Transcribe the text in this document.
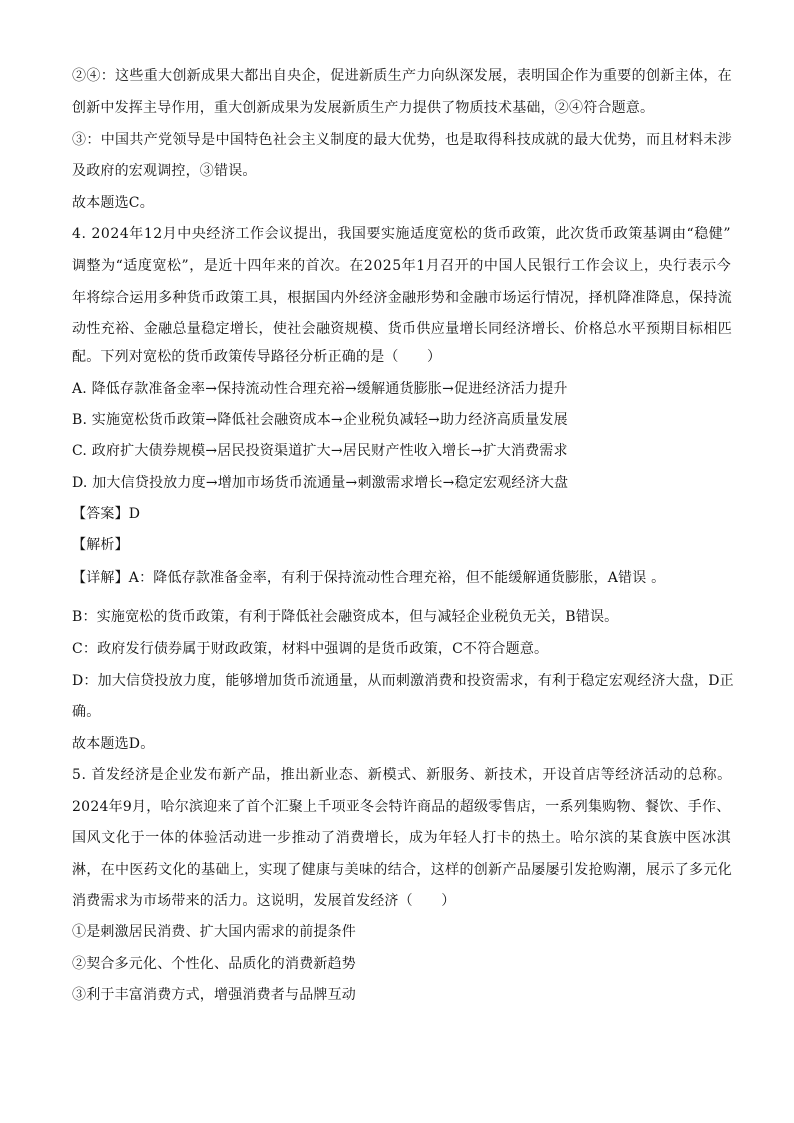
②④：这些重大创新成果大都出自央企，促进新质生产力向纵深发展，表明国企作为重要的创新主体，在
创新中发挥主导作用，重大创新成果为发展新质生产力提供了物质技术基础，②④符合题意。
③：中国共产党领导是中国特色社会主义制度的最大优势，也是取得科技成就的最大优势，而且材料未涉
及政府的宏观调控，③错误。
故本题选C。
4. 2024年12月中央经济工作会议提出，我国要实施适度宽松的货币政策，此次货币政策基调由“稳健”
调整为“适度宽松”，是近十四年来的首次。在2025年1月召开的中国人民银行工作会议上，央行表示今
年将综合运用多种货币政策工具，根据国内外经济金融形势和金融市场运行情况，择机降准降息，保持流
动性充裕、金融总量稳定增长，使社会融资规模、货币供应量增长同经济增长、价格总水平预期目标相匹
配。下列对宽松的货币政策传导路径分析正确的是（　　）
A. 降低存款准备金率→保持流动性合理充裕→缓解通货膨胀→促进经济活力提升
B. 实施宽松货币政策→降低社会融资成本→企业税负减轻→助力经济高质量发展
C. 政府扩大债券规模→居民投资渠道扩大→居民财产性收入增长→扩大消费需求
D. 加大信贷投放力度→增加市场货币流通量→刺激需求增长→稳定宏观经济大盘
【答案】D
【解析】
【详解】A：降低存款准备金率，有利于保持流动性合理充裕，但不能缓解通货膨胀，A错误 。
B：实施宽松的货币政策，有利于降低社会融资成本，但与减轻企业税负无关，B错误。
C：政府发行债券属于财政政策，材料中强调的是货币政策，C不符合题意。
D：加大信贷投放力度，能够增加货币流通量，从而刺激消费和投资需求，有利于稳定宏观经济大盘，D正
确。
故本题选D。
5. 首发经济是企业发布新产品，推出新业态、新模式、新服务、新技术，开设首店等经济活动的总称。
2024年9月，哈尔滨迎来了首个汇聚上千项亚冬会特许商品的超级零售店，一系列集购物、餐饮、手作、
国风文化于一体的体验活动进一步推动了消费增长，成为年轻人打卡的热土。哈尔滨的某食族中医冰淇
淋，在中医药文化的基础上，实现了健康与美味的结合，这样的创新产品屡屡引发抢购潮，展示了多元化
消费需求为市场带来的活力。这说明，发展首发经济（　　）
①是刺激居民消费、扩大国内需求的前提条件
②契合多元化、个性化、品质化的消费新趋势
③利于丰富消费方式，增强消费者与品牌互动
